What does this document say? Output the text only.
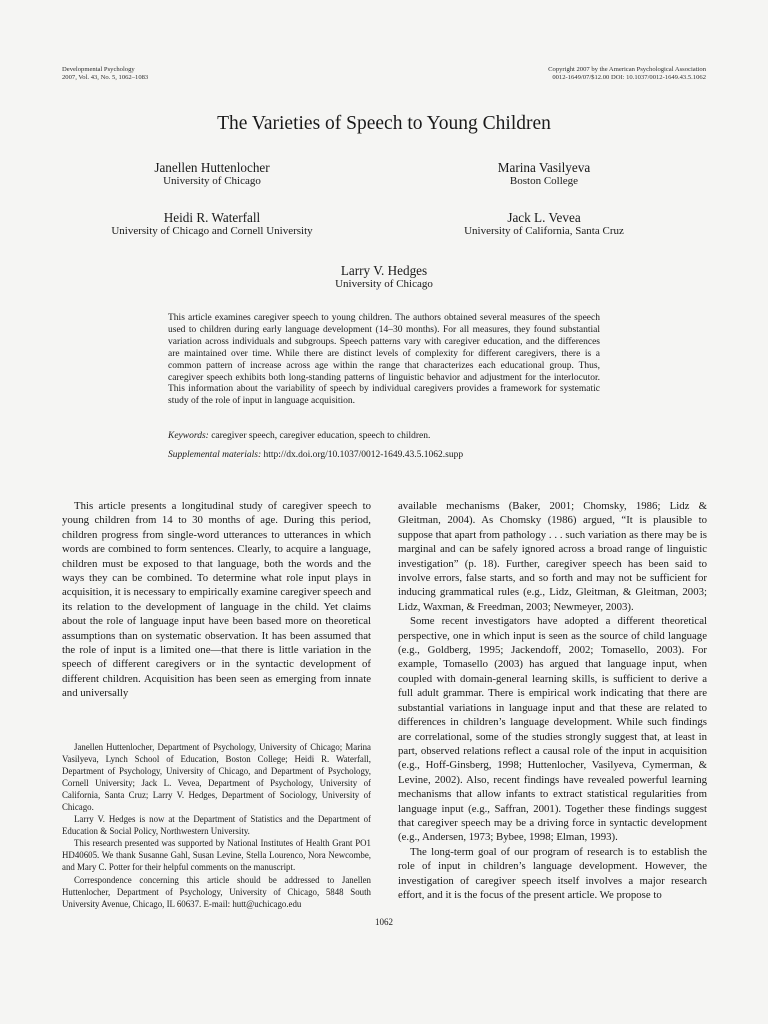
Developmental Psychology
2007, Vol. 43, No. 5, 1062–1083
Copyright 2007 by the American Psychological Association
0012-1649/07/$12.00 DOI: 10.1037/0012-1649.43.5.1062
The Varieties of Speech to Young Children
Janellen Huttenlocher
University of Chicago
Marina Vasilyeva
Boston College
Heidi R. Waterfall
University of Chicago and Cornell University
Jack L. Vevea
University of California, Santa Cruz
Larry V. Hedges
University of Chicago

This article examines caregiver speech to young children. The authors obtained several measures of the speech used to children during early language development (14–30 months). For all measures, they found substantial variation across individuals and subgroups. Speech patterns vary with caregiver education, and the differences are maintained over time. While there are distinct levels of complexity for different caregivers, there is a common pattern of increase across age within the range that characterizes each educational group. Thus, caregiver speech exhibits both long-standing patterns of linguistic behavior and adjustment for the interlocutor. This information about the variability of speech by individual caregivers provides a framework for systematic study of the role of input in language acquisition.

Keywords: caregiver speech, caregiver education, speech to children.
Supplemental materials: http://dx.doi.org/10.1037/0012-1649.43.5.1062.supp

This article presents a longitudinal study of caregiver speech to young children from 14 to 30 months of age. During this period, children progress from single-word utterances to utterances in which words are combined to form sentences. Clearly, to acquire a language, children must be exposed to that language, both the words and the ways they can be combined. To determine what role input plays in acquisition, it is necessary to empirically examine caregiver speech and its relation to the development of language in the child. Yet claims about the role of language input have been based more on theoretical assumptions than on systematic observation. It has been assumed that the role of input is a limited one—that there is little variation in the speech of different caregivers or in the syntactic development of different children. Acquisition has been seen as emerging from innate and universally

Janellen Huttenlocher, Department of Psychology, University of Chicago; Marina Vasilyeva, Lynch School of Education, Boston College; Heidi R. Waterfall, Department of Psychology, University of Chicago, and Department of Psychology, Cornell University; Jack L. Vevea, Department of Psychology, University of California, Santa Cruz; Larry V. Hedges, Department of Sociology, University of Chicago.

Larry V. Hedges is now at the Department of Statistics and the Department of Education & Social Policy, Northwestern University.

This research presented was supported by National Institutes of Health Grant PO1 HD40605. We thank Susanne Gahl, Susan Levine, Stella Lourenco, Nora Newcombe, and Mary C. Potter for their helpful comments on the manuscript.

Correspondence concerning this article should be addressed to Janellen Huttenlocher, Department of Psychology, University of Chicago, 5848 South University Avenue, Chicago, IL 60637. E-mail: hutt@uchicago.edu

available mechanisms (Baker, 2001; Chomsky, 1986; Lidz & Gleitman, 2004). As Chomsky (1986) argued, “It is plausible to suppose that apart from pathology . . . such variation as there may be is marginal and can be safely ignored across a broad range of linguistic investigation” (p. 18). Further, caregiver speech has been said to involve errors, false starts, and so forth and may not be sufficient for inducing grammatical rules (e.g., Lidz, Gleitman, & Gleitman, 2003; Lidz, Waxman, & Freedman, 2003; Newmeyer, 2003).

Some recent investigators have adopted a different theoretical perspective, one in which input is seen as the source of child language (e.g., Goldberg, 1995; Jackendoff, 2002; Tomasello, 2003). For example, Tomasello (2003) has argued that language input, when coupled with domain-general learning skills, is sufficient to derive a full adult grammar. There is empirical work indicating that there are substantial variations in language input and that these are related to differences in children’s language development. While such findings are correlational, some of the studies strongly suggest that, at least in part, observed relations reflect a causal role of the input in acquisition (e.g., Hoff-Ginsberg, 1998; Huttenlocher, Vasilyeva, Cymerman, & Levine, 2002). Also, recent findings have revealed powerful learning mechanisms that allow infants to extract statistical regularities from language input (e.g., Saffran, 2001). Together these findings suggest that caregiver speech may be a driving force in syntactic development (e.g., Andersen, 1973; Bybee, 1998; Elman, 1993).

The long-term goal of our program of research is to establish the role of input in children’s language development. However, the investigation of caregiver speech itself involves a major research effort, and it is the focus of the present article. We propose to

1062
